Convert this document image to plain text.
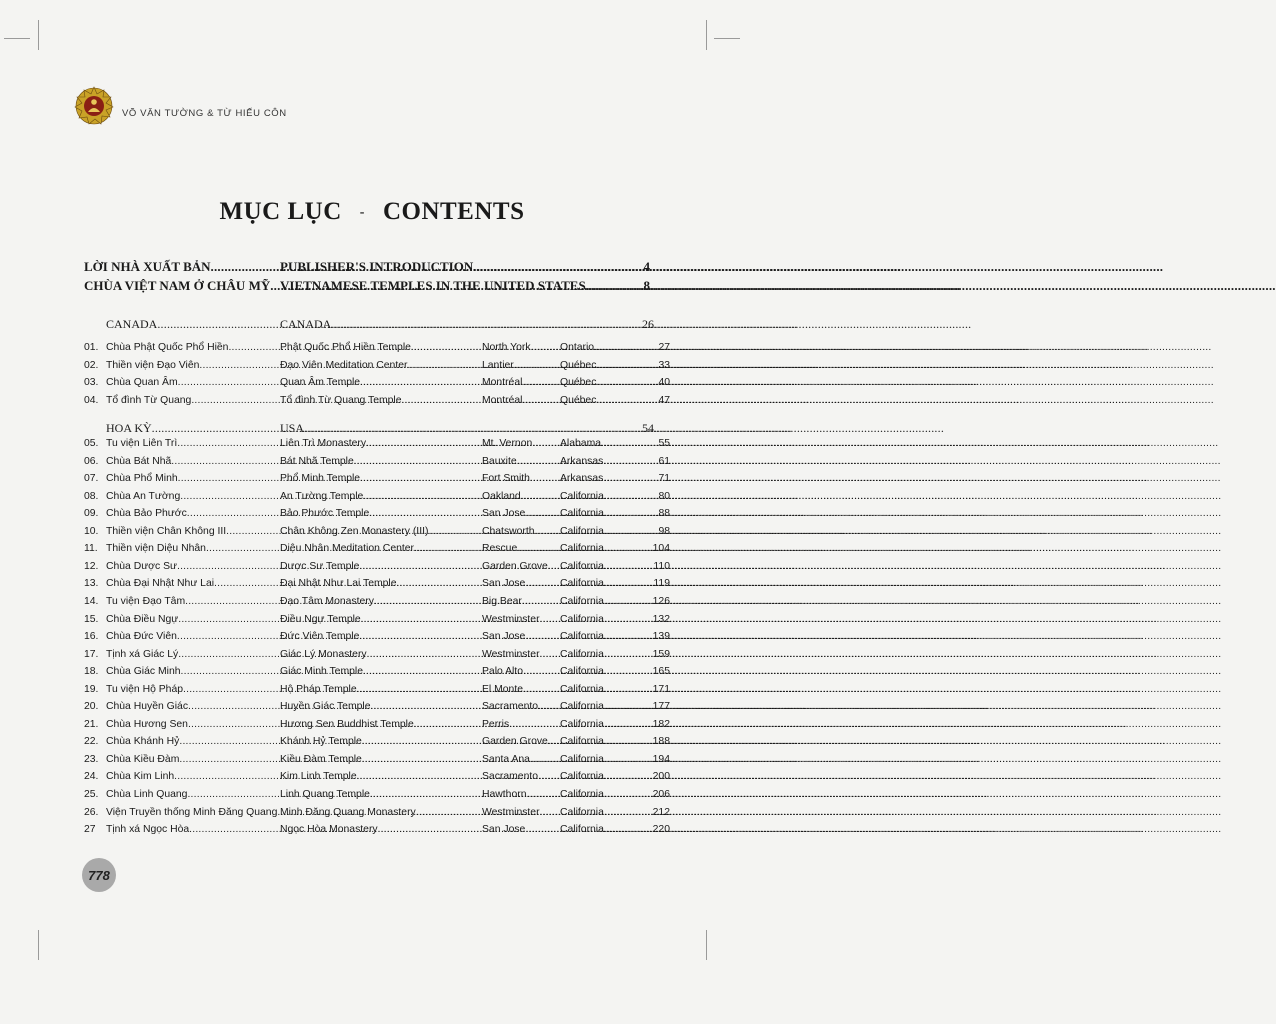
VÕ VĂN TƯỜNG & TỪ HIẾU CÔN
MỤC LỤC - CONTENTS
LỜI NHÀ XUẤT BẢN .....	PUBLISHER'S INTRODUCTION .....	4
CHÙA VIỆT NAM Ở CHÂU MỸ ..... VIETNAMESE TEMPLES IN THE UNITED STATES .....	8
CANADA .....	CANADA .....	26
HOA KỲ .....	USA .....	54
01. Chùa Phật Quốc Phổ Hiền .....	Phật Quốc Phổ Hiền Temple .....	North York .....	Ontario .....	27
02. Thiền viện Đạo Viên .....	Đạo Viên Meditation Center .....	Lantier .....	Québec .....	33
03. Chùa Quan Âm .....	Quan Âm Temple .....	Montréal .....	Québec .....	40
04. Tổ đình Từ Quang .....	Tổ đình Từ Quang Temple .....	Montréal .....	Québec .....	47
05. Tu viện Liên Trì .....	Liên Trì Monastery .....	Mt. Vernon .....	Alabama .....	55
06. Chùa Bát Nhã .....	Bát Nhã Temple .....	Bauxite .....	Arkansas .....	61
07. Chùa Phổ Minh .....	Phổ Minh Temple .....	Fort Smith .....	Arkansas .....	71
08. Chùa An Tường .....	An Tường Temple .....	Oakland .....	California .....	80
09. Chùa Bảo Phước .....	Bảo Phước Temple .....	San Jose .....	California .....	88
10. Thiền viện Chân Không III .....	Chân Không Zen Monastery (III) .....	Chatsworth ..... California .....	98
11. Thiền viện Diệu Nhân .....	Diệu Nhân Meditation Center .....	Rescue .....	California .....	104
12. Chùa Dược Sư .....	Dược Sư Temple .....	Garden Grove ..... California .....	110
13. Chùa Đại Nhật Như Lai .....	Đại Nhật Như Lai Temple .....	San Jose .....	California .....	119
14. Tu viện Đạo Tâm .....	Đạo Tâm Monastery .....	Big Bear .....	California .....	126
15. Chùa Điều Ngự .....	Điều Ngự Temple .....	Westminster ..... California .....	132
16. Chùa Đức Viên .....	Đức Viên Temple .....	San Jose .....	California .....	139
17. Tịnh xá Giác Lý .....	Giác Lý Monastery .....	Westminster ..... California .....	159
18. Chùa Giác Minh .....	Giác Minh Temple .....	Palo Alto .....	California .....	165
19. Tu viện Hộ Pháp .....	Hộ Pháp Temple .....	El Monte .....	California .....	171
20. Chùa Huyền Giác .....	Huyền Giác Temple .....	Sacramento ..... California .....	177
21. Chùa Hương Sen .....	Hương Sen Buddhist Temple .....	Perris .....	California .....	182
22. Chùa Khánh Hỷ .....	Khánh Hỷ Temple .....	Garden Grove ..... California .....	188
23. Chùa Kiều Đàm .....	Kiều Đàm Temple .....	Santa Ana .....	California .....	194
24. Chùa Kim Linh .....	Kim Linh Temple .....	Sacramento ..... California .....	200
25. Chùa Linh Quang .....	Linh Quang Temple .....	Hawthorn .....	California .....	206
26. Viện Truyền thống Minh Đăng Quang ..... Minh Đăng Quang Monastery .....	Westminster ..... California .....	212
27	Tịnh xá Ngọc Hòa .....	Ngọc Hòa Monastery .....	San Jose .....	California .....	220
778
